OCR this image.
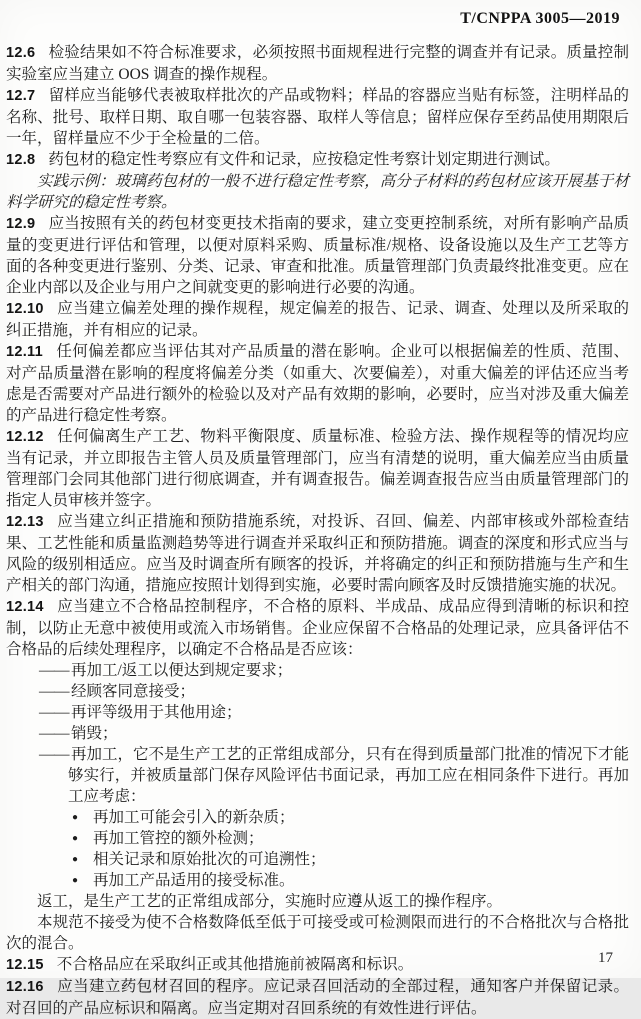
T/CNPPA 3005—2019

12.6 检验结果如不符合标准要求，必须按照书面规程进行完整的调查并有记录。质量控制实验室应当建立 OOS 调查的操作规程。

12.7 留样应当能够代表被取样批次的产品或物料；样品的容器应当贴有标签，注明样品的名称、批号、取样日期、取自哪一包装容器、取样人等信息；留样应保存至药品使用期限后一年，留样量应不少于全检量的二倍。

12.8 药包材的稳定性考察应有文件和记录，应按稳定性考察计划定期进行测试。

实践示例：玻璃药包材的一般不进行稳定性考察，高分子材料的药包材应该开展基于材料学研究的稳定性考察。

12.9 应当按照有关的药包材变更技术指南的要求，建立变更控制系统，对所有影响产品质量的变更进行评估和管理，以便对原料采购、质量标准/规格、设备设施以及生产工艺等方面的各种变更进行鉴别、分类、记录、审查和批准。质量管理部门负责最终批准变更。应在企业内部以及企业与用户之间就变更的影响进行必要的沟通。

12.10 应当建立偏差处理的操作规程，规定偏差的报告、记录、调查、处理以及所采取的纠正措施，并有相应的记录。

12.11 任何偏差都应当评估其对产品质量的潜在影响。企业可以根据偏差的性质、范围、对产品质量潜在影响的程度将偏差分类（如重大、次要偏差），对重大偏差的评估还应当考虑是否需要对产品进行额外的检验以及对产品有效期的影响，必要时，应当对涉及重大偏差的产品进行稳定性考察。

12.12 任何偏离生产工艺、物料平衡限度、质量标准、检验方法、操作规程等的情况均应当有记录，并立即报告主管人员及质量管理部门，应当有清楚的说明，重大偏差应当由质量管理部门会同其他部门进行彻底调查，并有调查报告。偏差调查报告应当由质量管理部门的指定人员审核并签字。

12.13 应当建立纠正措施和预防措施系统，对投诉、召回、偏差、内部审核或外部检查结果、工艺性能和质量监测趋势等进行调查并采取纠正和预防措施。调查的深度和形式应当与风险的级别相适应。应当及时调查所有顾客的投诉，并将确定的纠正和预防措施与生产和生产相关的部门沟通，措施应按照计划得到实施，必要时需向顾客及时反馈措施实施的状况。

12.14 应当建立不合格品控制程序，不合格的原料、半成品、成品应得到清晰的标识和控制，以防止无意中被使用或流入市场销售。企业应保留不合格品的处理记录，应具备评估不合格品的后续处理程序，以确定不合格品是否应该：

—— 再加工/返工以便达到规定要求；

—— 经顾客同意接受；

—— 再评等级用于其他用途；

—— 销毁；

—— 再加工，它不是生产工艺的正常组成部分，只有在得到质量部门批准的情况下才能够实行，并被质量部门保存风险评估书面记录，再加工应在相同条件下进行。再加工应考虑：

● 再加工可能会引入的新杂质；

● 再加工管控的额外检测；

● 相关记录和原始批次的可追溯性；

● 再加工产品适用的接受标准。

返工，是生产工艺的正常组成部分，实施时应遵从返工的操作程序。

本规范不接受为使不合格数降低至低于可接受或可检测限而进行的不合格批次与合格批次的混合。

12.15 不合格品应在采取纠正或其他措施前被隔离和标识。

12.16 应当建立药包材召回的程序。应记录召回活动的全部过程，通知客户并保留记录。对召回的产品应标识和隔离。应当定期对召回系统的有效性进行评估。

17
